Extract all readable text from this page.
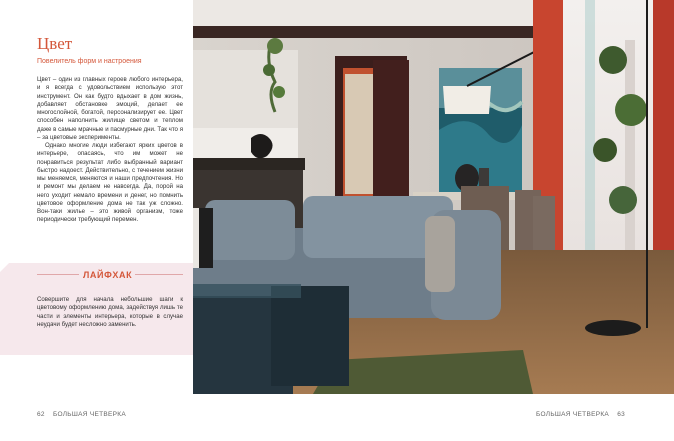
Цвет
Повелитель форм и настроения

Цвет – один из главных героев любого интерьера, и я всегда с удовольствием использую этот инструмент. Он как будто вдыхает в дом жизнь, добавляет обстановке эмоций, делает ее многослойной, богатой, персонализирует ее. Цвет способен наполнить жилище светом и теплом даже в самые мрачные и пасмурные дни. Так что я – за цветовые эксперименты.

Однако многие люди избегают ярких цветов в интерьере, опасаясь, что им может не понравиться результат либо выбранный вариант быстро надоест. Действительно, с течением жизни мы меняемся, меняются и наши предпочтения. Но и ремонт мы делаем не навсегда. Да, порой на него уходит немало времени и денег, но помнить цветовое оформление дома не так уж сложно. Вон-таки жилье – это живой организм, тоже периодически требующий перемен.

ЛАЙФХАК
Совершите для начала небольшие шаги к цветовому оформлению дома, задействуя лишь те части и элементы интерьера, которые в случае неудачи будет несложно заменить.
62 БОЛЬШАЯ ЧЕТВЕРКА	БОЛЬШАЯ ЧЕТВЕРКА 63
